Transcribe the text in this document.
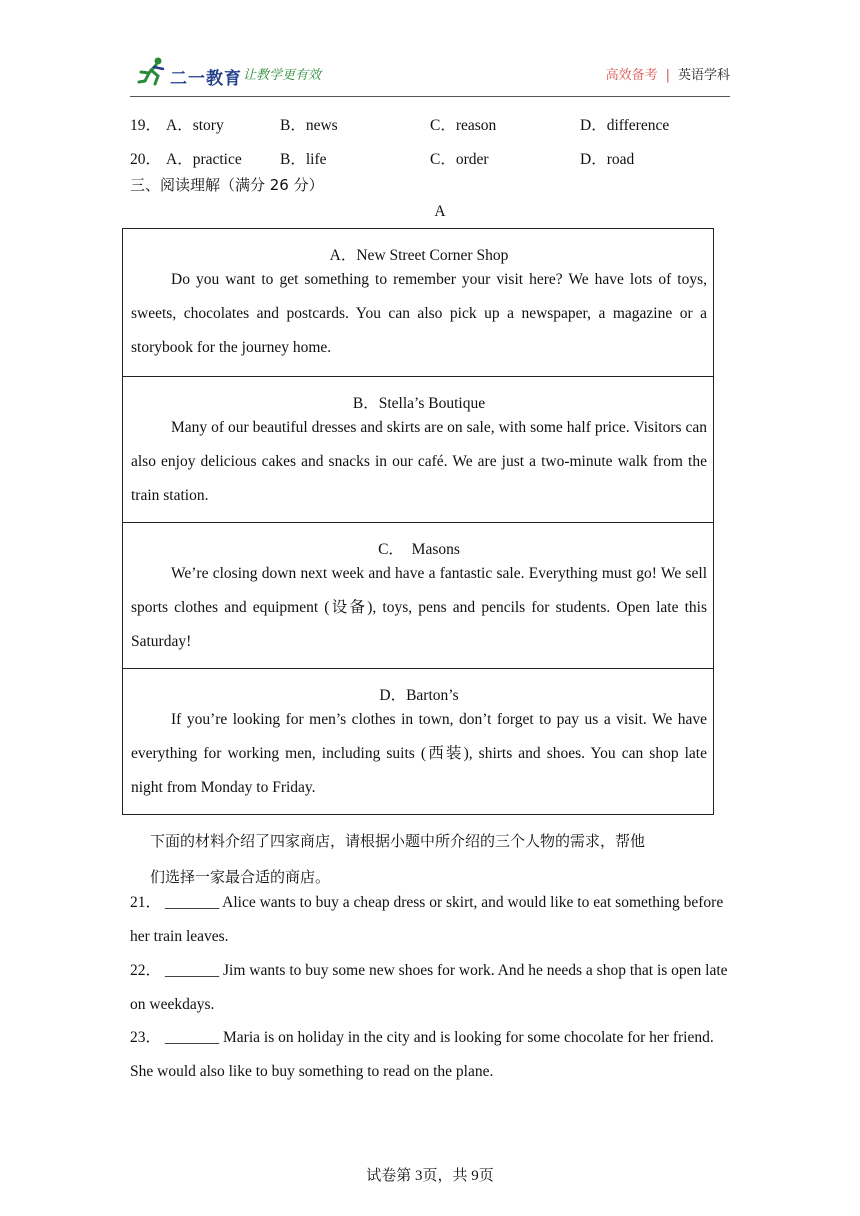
二一教育 让教学更有效	高效备考 | 英语学科
19． A．story	B．news	C．reason	D．difference
20． A．practice B．life	C．order	D．road
三、阅读理解（满分 26 分）
A
A．New Street Corner Shop
Do you want to get something to remember your visit here? We have lots of toys, sweets, chocolates and postcards. You can also pick up a newspaper, a magazine or a storybook for the journey home.
B．Stella’s Boutique
Many of our beautiful dresses and skirts are on sale, with some half price. Visitors can also enjoy delicious cakes and snacks in our café. We are just a two-minute walk from the train station.
C．　Masons
We’re closing down next week and have a fantastic sale. Everything must go! We sell sports clothes and equipment (设备), toys, pens and pencils for students. Open late this Saturday!
D．Barton’s
If you’re looking for men’s clothes in town, don’t forget to pay us a visit. We have everything for working men, including suits (西装), shirts and shoes. You can shop late night from Monday to Friday.
下面的材料介绍了四家商店，请根据小题中所介绍的三个人物的需求，帮他
们选择一家最合适的商店。
21． _______ Alice wants to buy a cheap dress or skirt, and would like to eat something before her train leaves.
22． _______ Jim wants to buy some new shoes for work. And he needs a shop that is open late on weekdays.
23． _______ Maria is on holiday in the city and is looking for some chocolate for her friend. She would also like to buy something to read on the plane.
试卷第 3页，共 9页
